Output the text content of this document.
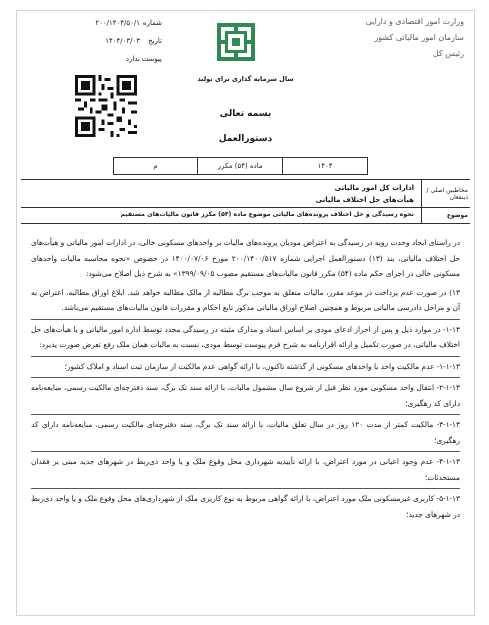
شماره
۲۰۰/۱۴۰۴/۵۰/۱
تاریخ
۱۴۰۴/۰۳/۰۳
پیوست
ندارد
وزارت امور اقتصادی و دارایی
سازمان امور مالیاتی کشور
رئیس کل
سال سرمایه گذاری برای تولید
بسمه تعالی
دستورالعمل
۱۴۰۴	ماده (۵۴) مکرر	م
مخاطبین اصلی / ذینفعان
ادارات کل امور مالیاتی
هیأت‌های حل اختلاف مالیاتی
موضوع
نحوه رسیدگی و حل اختلاف پرونده‌های مالیاتی موضوع ماده (۵۴) مکرر قانون مالیات‌های مستقیم

در راستای ایجاد وحدت رویه در رسیدگی به اعتراض مودیان پرونده‌های مالیات بر واحدهای مسکونی خالی، در ادارات امور مالیاتی و هیأت‌های حل اختلاف مالیاتی، بند (۱۳) دستورالعمل اجرایی شماره ۲۰۰/۱۴۰۰/۵۱۷ مورخ ۱۴۰۰/۰۷/۰۶ در خصوص «نحوه محاسبه مالیات واحدهای مسکونی خالی در اجرای حکم ماده (۵۴) مکرر قانون مالیات‌های مستقیم مصوب ۱۳۹۹/۰۹/۰۵» به شرح ذیل اصلاح می‌شود:

۱۳) در صورت عدم پرداخت در موعد مقرر، مالیات متعلق به موجب برگ مطالبه از مالک مطالبه خواهد شد. ابلاغ اوراق مطالبه، اعتراض به آن و مراحل دادرسی مالیاتی مربوط و همچنین اصلاح اوراق مالیاتی مذکور تابع احکام و مقررات قانون مالیات‌های مستقیم می‌باشد.

۱-۱۳- در موارد ذیل و پس از احراز ادعای مودی بر اساس اسناد و مدارک مثبته در رسیدگی مجدد توسط اداره امور مالیاتی و یا هیأت‌های حل اختلاف مالیاتی، در صورت تکمیل و ارائه اقرارنامه به شرح فرم پیوست توسط مودی، نسبت به مالیات همان ملک رفع تعرض صورت پذیرد:

۱-۱-۱۳- عدم مالکیت واحد یا واحدهای مسکونی از گذشته تاکنون، با ارائه گواهی عدم مالکیت از سازمان ثبت اسناد و املاک کشور؛

۲-۱-۱۳- انتقال واحد مسکونی مورد نظر قبل از شروع سال مشمول مالیات، با ارائه سند تک برگ، سند دفترچه‌ای مالکیت رسمی، مبایعه‌نامه دارای کد رهگیری؛

۳-۱-۱۳- مالکیت کمتر از مدت ۱۲۰ روز در سال تعلق مالیات، با ارائه سند تک برگ، سند دفترچه‌ای مالکیت رسمی، مبایعه‌نامه دارای کد رهگیری؛

۴-۱-۱۳- عدم وجود اعیانی در مورد اعتراض، با ارائه تأییدیه شهرداری محل وقوع ملک و یا واحد ذی‌ربط در شهرهای جدید مبنی بر فقدان مستحدثات؛

۵-۱-۱۳- کاربری غیرمسکونی ملک مورد اعتراض، با ارائه گواهی مربوط به نوع کاربری ملک از شهرداری‌های محل وقوع ملک و یا واحد ذی‌ربط در شهرهای جدید؛
